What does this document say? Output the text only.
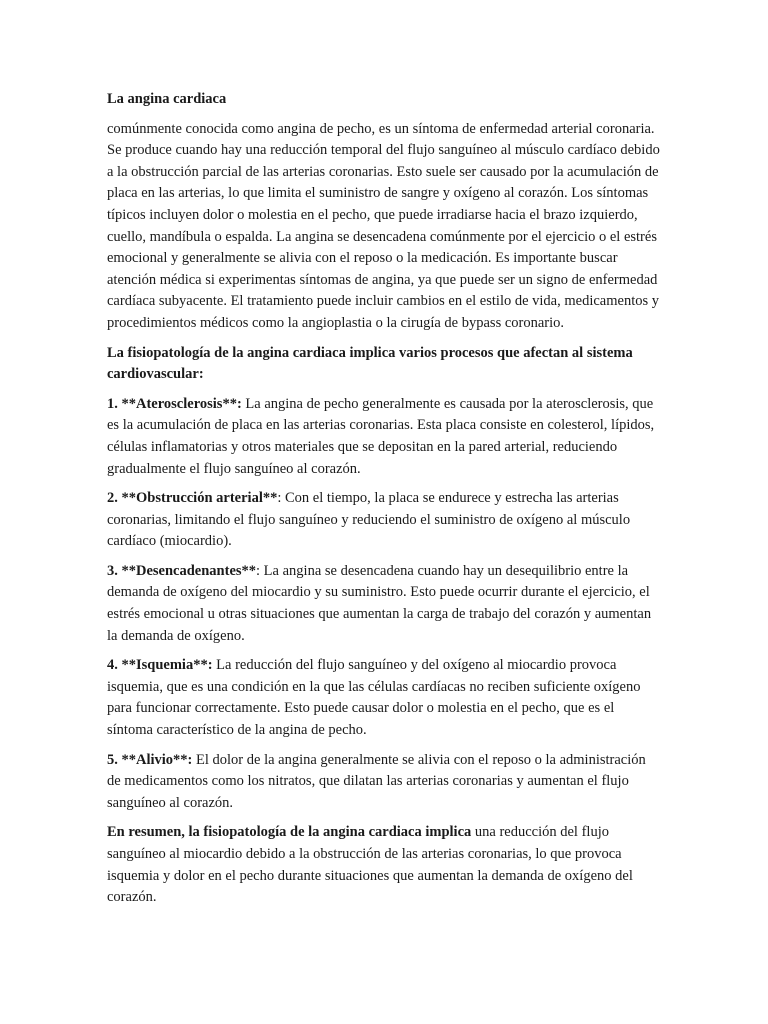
La angina cardiaca

comúnmente conocida como angina de pecho, es un síntoma de enfermedad arterial coronaria. Se produce cuando hay una reducción temporal del flujo sanguíneo al músculo cardíaco debido a la obstrucción parcial de las arterias coronarias. Esto suele ser causado por la acumulación de placa en las arterias, lo que limita el suministro de sangre y oxígeno al corazón. Los síntomas típicos incluyen dolor o molestia en el pecho, que puede irradiarse hacia el brazo izquierdo, cuello, mandíbula o espalda. La angina se desencadena comúnmente por el ejercicio o el estrés emocional y generalmente se alivia con el reposo o la medicación. Es importante buscar atención médica si experimentas síntomas de angina, ya que puede ser un signo de enfermedad cardíaca subyacente. El tratamiento puede incluir cambios en el estilo de vida, medicamentos y procedimientos médicos como la angioplastia o la cirugía de bypass coronario.

La fisiopatología de la angina cardiaca implica varios procesos que afectan al sistema cardiovascular:
1. **Aterosclerosis**: La angina de pecho generalmente es causada por la aterosclerosis, que es la acumulación de placa en las arterias coronarias. Esta placa consiste en colesterol, lípidos, células inflamatorias y otros materiales que se depositan en la pared arterial, reduciendo gradualmente el flujo sanguíneo al corazón.
2. **Obstrucción arterial**: Con el tiempo, la placa se endurece y estrecha las arterias coronarias, limitando el flujo sanguíneo y reduciendo el suministro de oxígeno al músculo cardíaco (miocardio).
3. **Desencadenantes**: La angina se desencadena cuando hay un desequilibrio entre la demanda de oxígeno del miocardio y su suministro. Esto puede ocurrir durante el ejercicio, el estrés emocional u otras situaciones que aumentan la carga de trabajo del corazón y aumentan la demanda de oxígeno.
4. **Isquemia**: La reducción del flujo sanguíneo y del oxígeno al miocardio provoca isquemia, que es una condición en la que las células cardíacas no reciben suficiente oxígeno para funcionar correctamente. Esto puede causar dolor o molestia en el pecho, que es el síntoma característico de la angina de pecho.
5. **Alivio**: El dolor de la angina generalmente se alivia con el reposo o la administración de medicamentos como los nitratos, que dilatan las arterias coronarias y aumentan el flujo sanguíneo al corazón.

En resumen, la fisiopatología de la angina cardiaca implica una reducción del flujo sanguíneo al miocardio debido a la obstrucción de las arterias coronarias, lo que provoca isquemia y dolor en el pecho durante situaciones que aumentan la demanda de oxígeno del corazón.
